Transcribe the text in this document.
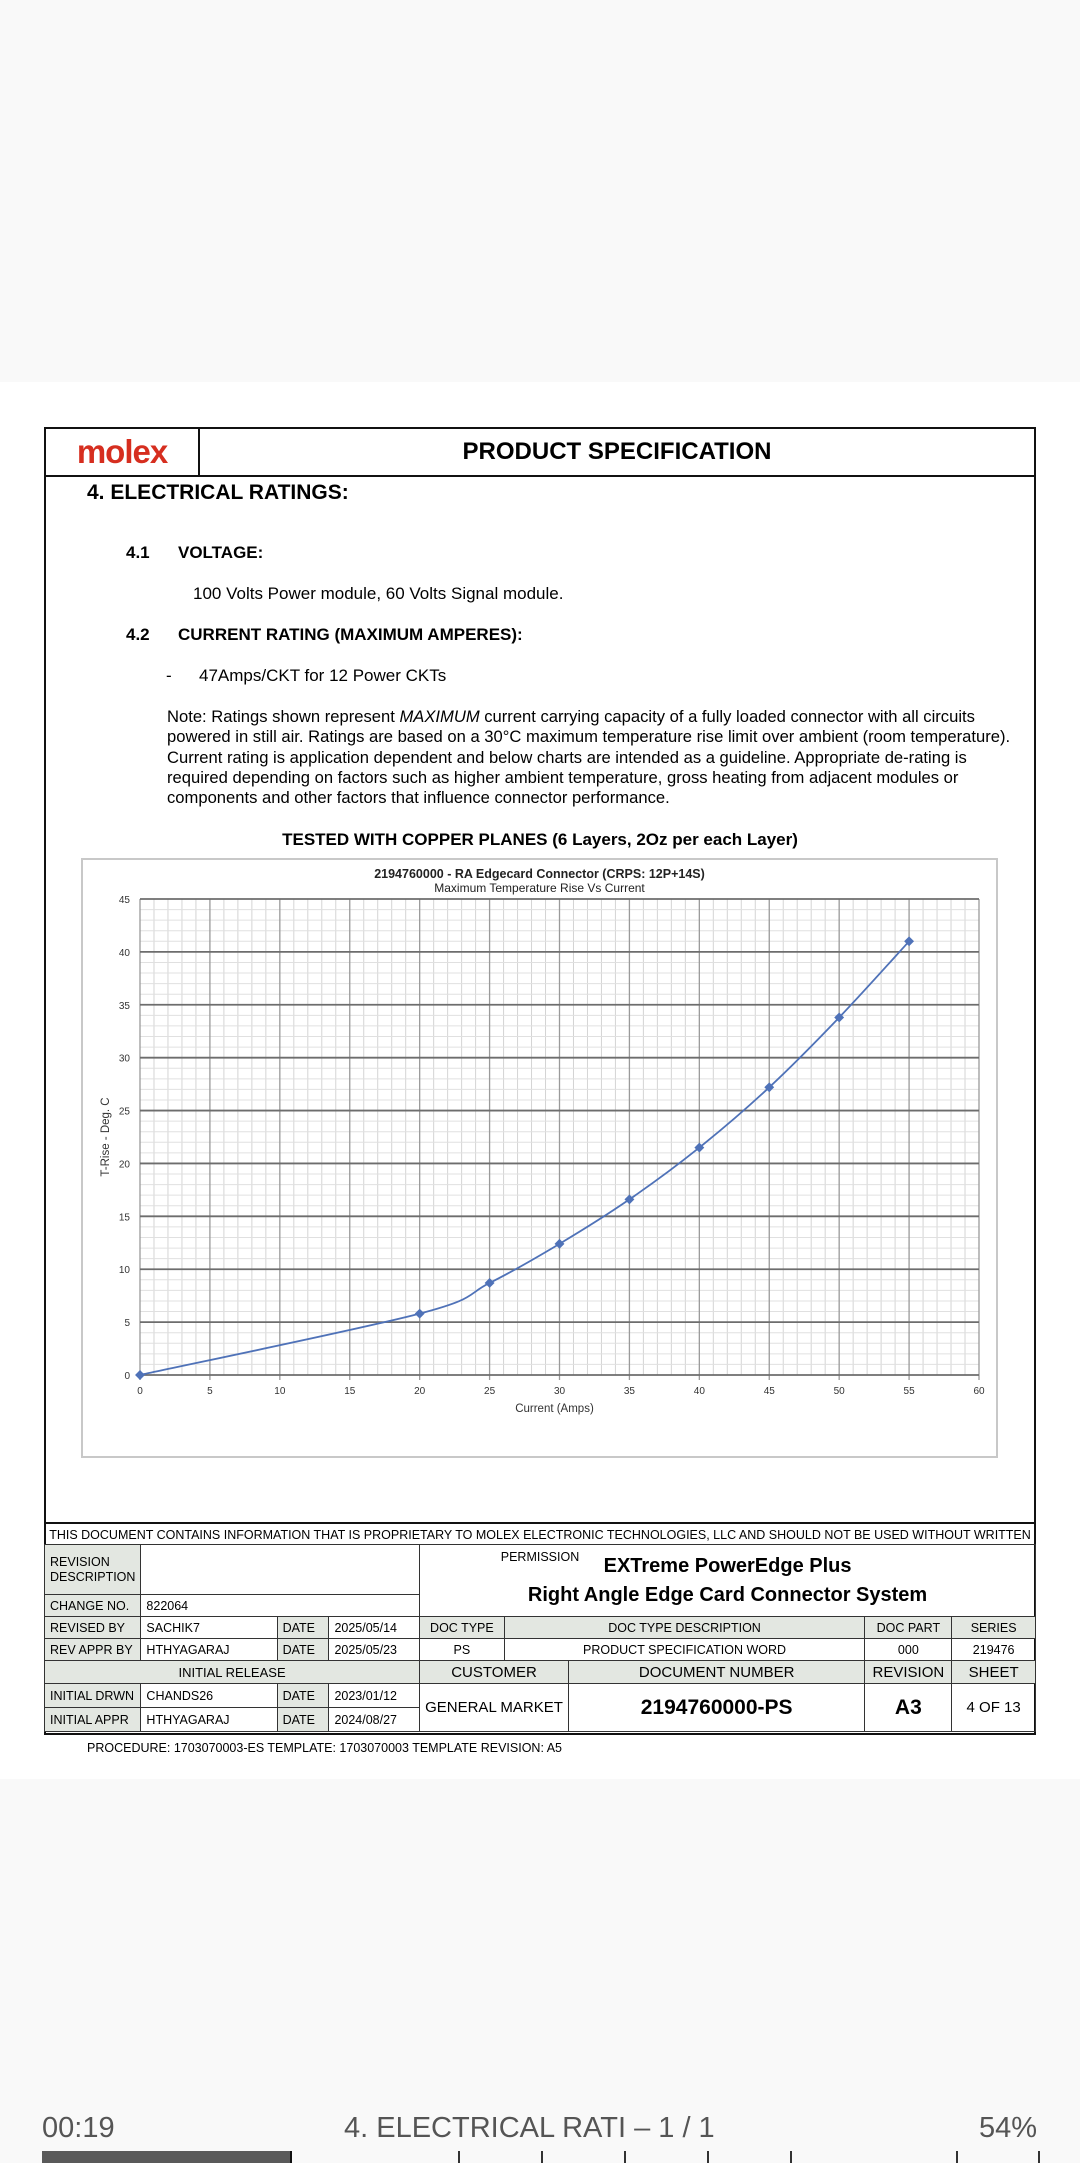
molex	PRODUCT SPECIFICATION
4. ELECTRICAL RATINGS:
4.1 VOLTAGE:
100 Volts Power module, 60 Volts Signal module.
4.2 CURRENT RATING (MAXIMUM AMPERES):
- 47Amps/CKT for 12 Power CKTs
Note: Ratings shown represent MAXIMUM current carrying capacity of a fully loaded connector with all circuits powered in still air. Ratings are based on a 30°C maximum temperature rise limit over ambient (room temperature). Current rating is application dependent and below charts are intended as a guideline. Appropriate de-rating is required depending on factors such as higher ambient temperature, gross heating from adjacent modules or components and other factors that influence connector performance.
TESTED WITH COPPER PLANES (6 Layers, 2Oz per each Layer)
0	5	10	15	20	25	30	35	40	45	50	55	60
0
5
10
15
20
25
30
35
40
45
2194760000 - RA Edgecard Connector (CRPS: 12P+14S)
Maximum Temperature Rise Vs Current
Current (Amps)
T-Rise - Deg. C
THIS DOCUMENT CONTAINS INFORMATION THAT IS PROPRIETARY TO MOLEX ELECTRONIC TECHNOLOGIES, LLC AND SHOULD NOT BE USED WITHOUT WRITTEN PERMISSION
REVISION DESCRIPTION				EXTreme PowerEdge Plus
Right Angle Edge Card Connector System				

CHANGE NO.	822064							
REVISED BY	SACHIK7	DATE	2025/05/14	DOC TYPE	DOC TYPE DESCRIPTION		DOC PART	SERIES
REV APPR BY	HTHYAGARAJ	DATE	2025/05/23	PS	PRODUCT SPECIFICATION WORD		000	219476
INITIAL RELEASE				CUSTOMER		DOCUMENT NUMBER	REVISION	SHEET
INITIAL DRWN	CHANDS26	DATE	2023/01/12	GENERAL MARKET		2194760000-PS	A3	4 OF 13
INITIAL APPR	HTHYAGARAJ	DATE	2024/08/27					
PROCEDURE: 1703070003-ES TEMPLATE: 1703070003 TEMPLATE REVISION: A5
00:19	4. ELECTRICAL RATI – 1 / 1	54%
